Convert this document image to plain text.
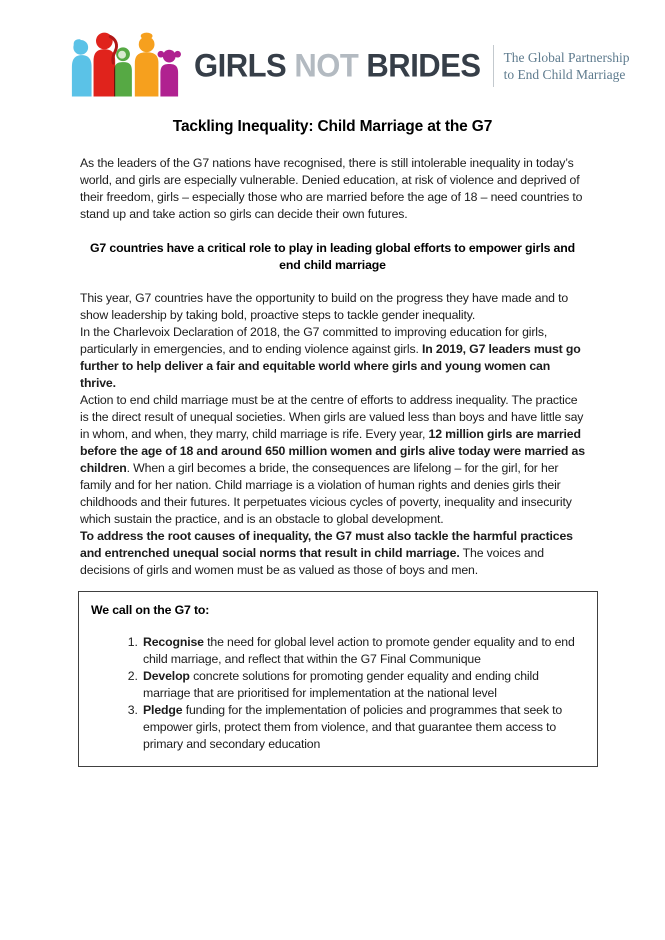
GIRLS NOT BRIDES The Global Partnership
to End Child Marriage
Tackling Inequality: Child Marriage at the G7

As the leaders of the G7 nations have recognised, there is still intolerable inequality in today’s world, and girls are especially vulnerable. Denied education, at risk of violence and deprived of their freedom, girls – especially those who are married before the age of 18 – need countries to stand up and take action so girls can decide their own futures.

G7 countries have a critical role to play in leading global efforts to empower girls and end child marriage

This year, G7 countries have the opportunity to build on the progress they have made and to show leadership by taking bold, proactive steps to tackle gender inequality.

In the Charlevoix Declaration of 2018, the G7 committed to improving education for girls, particularly in emergencies, and to ending violence against girls. In 2019, G7 leaders must go further to help deliver a fair and equitable world where girls and young women can thrive.

Action to end child marriage must be at the centre of efforts to address inequality. The practice is the direct result of unequal societies. When girls are valued less than boys and have little say in whom, and when, they marry, child marriage is rife. Every year, 12 million girls are married before the age of 18 and around 650 million women and girls alive today were married as children. When a girl becomes a bride, the consequences are lifelong – for the girl, for her family and for her nation. Child marriage is a violation of human rights and denies girls their childhoods and their futures. It perpetuates vicious cycles of poverty, inequality and insecurity which sustain the practice, and is an obstacle to global development.

To address the root causes of inequality, the G7 must also tackle the harmful practices and entrenched unequal social norms that result in child marriage. The voices and decisions of girls and women must be as valued as those of boys and men.

We call on the G7 to:
1. Recognise the need for global level action to promote gender equality and to end child marriage, and reflect that within the G7 Final Communique
2. Develop concrete solutions for promoting gender equality and ending child marriage that are prioritised for implementation at the national level
3. Pledge funding for the implementation of policies and programmes that seek to empower girls, protect them from violence, and that guarantee them access to primary and secondary education
